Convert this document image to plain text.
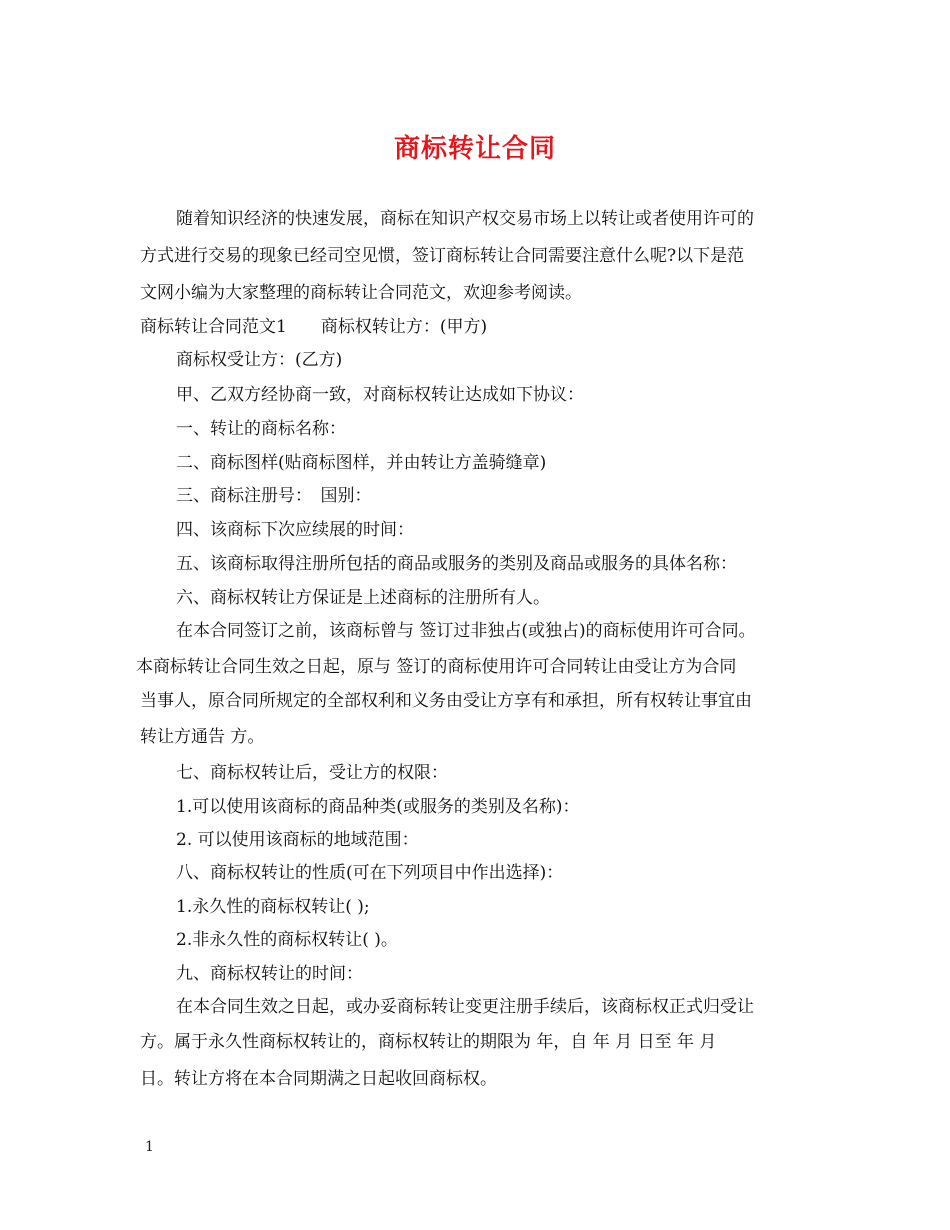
商标转让合同
随着知识经济的快速发展，商标在知识产权交易市场上以转让或者使用许可的
方式进行交易的现象已经司空见惯，签订商标转让合同需要注意什么呢?以下是范
文网小编为大家整理的商标转让合同范文，欢迎参考阅读。
商标转让合同范文1　　商标权转让方：(甲方)
商标权受让方：(乙方)
甲、乙双方经协商一致，对商标权转让达成如下协议：
一、转让的商标名称：
二、商标图样(贴商标图样，并由转让方盖骑缝章)
三、商标注册号：　国别：
四、该商标下次应续展的时间：
五、该商标取得注册所包括的商品或服务的类别及商品或服务的具体名称：
六、商标权转让方保证是上述商标的注册所有人。
在本合同签订之前，该商标曾与 签订过非独占(或独占)的商标使用许可合同。
本商标转让合同生效之日起，原与 签订的商标使用许可合同转让由受让方为合同
当事人，原合同所规定的全部权利和义务由受让方享有和承担，所有权转让事宜由
转让方通告 方。
七、商标权转让后，受让方的权限：
1.可以使用该商标的商品种类(或服务的类别及名称)：
2. 可以使用该商标的地域范围：
八、商标权转让的性质(可在下列项目中作出选择)：
1.永久性的商标权转让( );
2.非永久性的商标权转让( )。
九、商标权转让的时间：
在本合同生效之日起，或办妥商标转让变更注册手续后，该商标权正式归受让
方。属于永久性商标权转让的，商标权转让的期限为 年，自 年 月 日至 年 月
日。转让方将在本合同期满之日起收回商标权。
1
